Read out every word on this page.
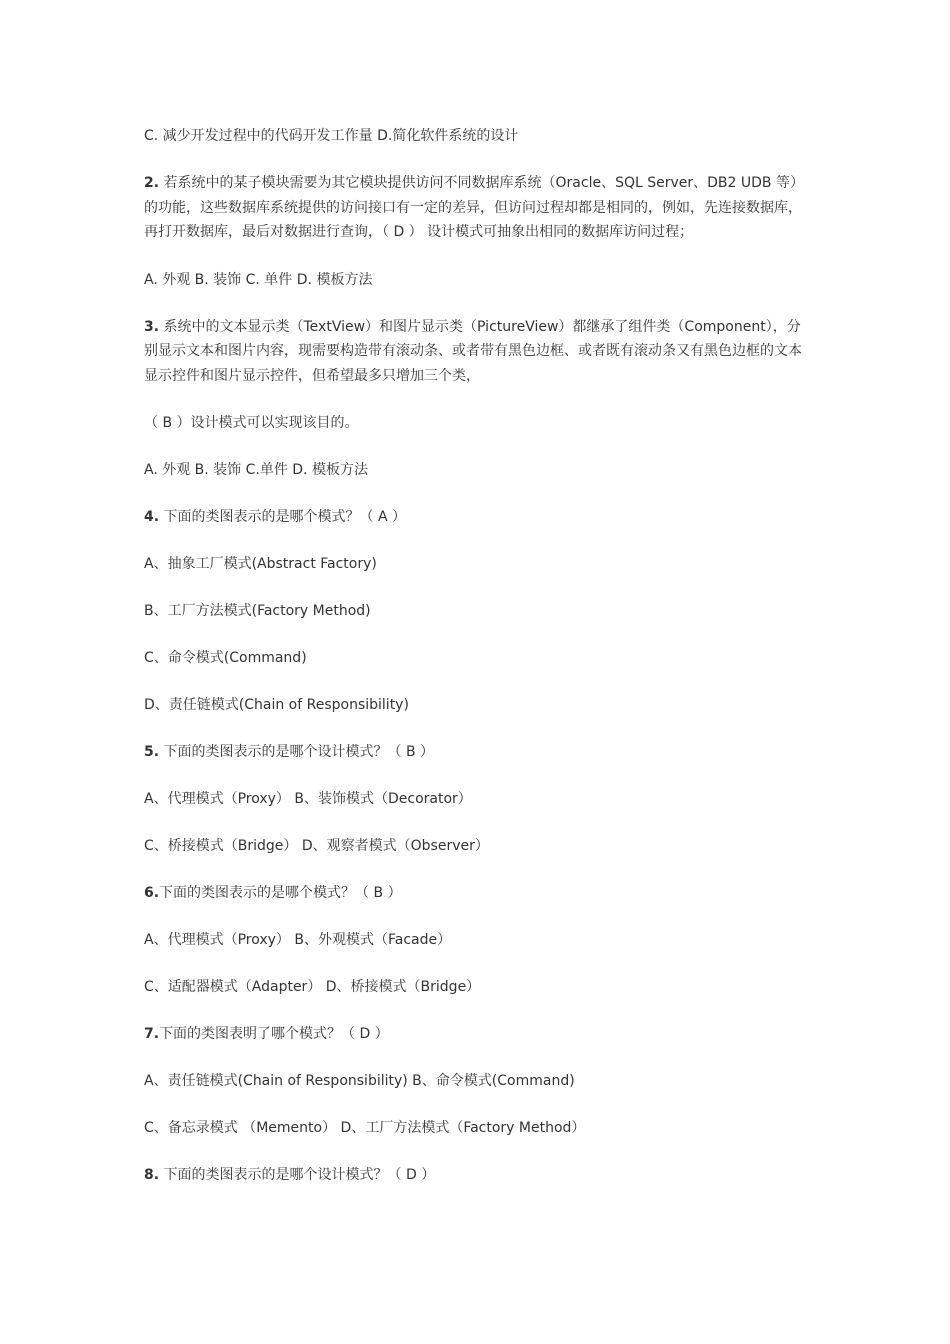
C. 减少开发过程中的代码开发工作量 D.简化软件系统的设计

2. 若系统中的某子模块需要为其它模块提供访问不同数据库系统（Oracle、SQL Server、DB2 UDB 等）的功能，这些数据库系统提供的访问接口有一定的差异，但访问过程却都是相同的，例如，先连接数据库，再打开数据库，最后对数据进行查询，（ D ） 设计模式可抽象出相同的数据库访问过程；

A. 外观 B. 装饰 C. 单件 D. 模板方法

3. 系统中的文本显示类（TextView）和图片显示类（PictureView）都继承了组件类（Component），分别显示文本和图片内容，现需要构造带有滚动条、或者带有黑色边框、或者既有滚动条又有黑色边框的文本显示控件和图片显示控件，但希望最多只增加三个类，

（ B ）设计模式可以实现该目的。

A. 外观 B. 装饰 C.单件 D. 模板方法

4. 下面的类图表示的是哪个模式？（ A ）

A、抽象工厂模式(Abstract Factory)

B、工厂方法模式(Factory Method)

C、命令模式(Command)

D、责任链模式(Chain of Responsibility)

5. 下面的类图表示的是哪个设计模式？（ B ）

A、代理模式（Proxy） B、装饰模式（Decorator）

C、桥接模式（Bridge） D、观察者模式（Observer）

6.下面的类图表示的是哪个模式？（ B ）

A、代理模式（Proxy） B、外观模式（Facade）

C、适配器模式（Adapter） D、桥接模式（Bridge）

7.下面的类图表明了哪个模式？（ D ）

A、责任链模式(Chain of Responsibility) B、命令模式(Command)

C、备忘录模式 （Memento） D、工厂方法模式（Factory Method）

8. 下面的类图表示的是哪个设计模式？（ D ）
